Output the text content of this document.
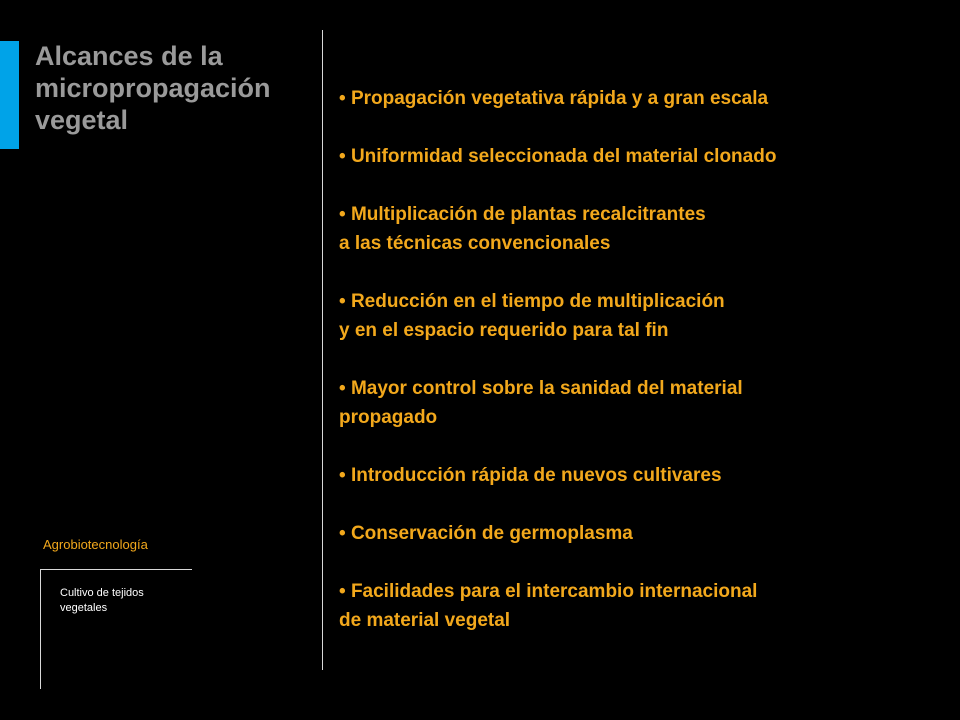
Alcances de la micropropagación vegetal
• Propagación vegetativa rápida y a gran escala
• Uniformidad seleccionada del material clonado
• Multiplicación de plantas recalcitrantes
a las técnicas convencionales
• Reducción en el tiempo de multiplicación
y en el espacio requerido para tal fin
• Mayor control sobre la sanidad del material
propagado
• Introducción rápida de nuevos cultivares
• Conservación de germoplasma
• Facilidades para el intercambio internacional
de material vegetal
Agrobiotecnología
Cultivo de tejidos vegetales
